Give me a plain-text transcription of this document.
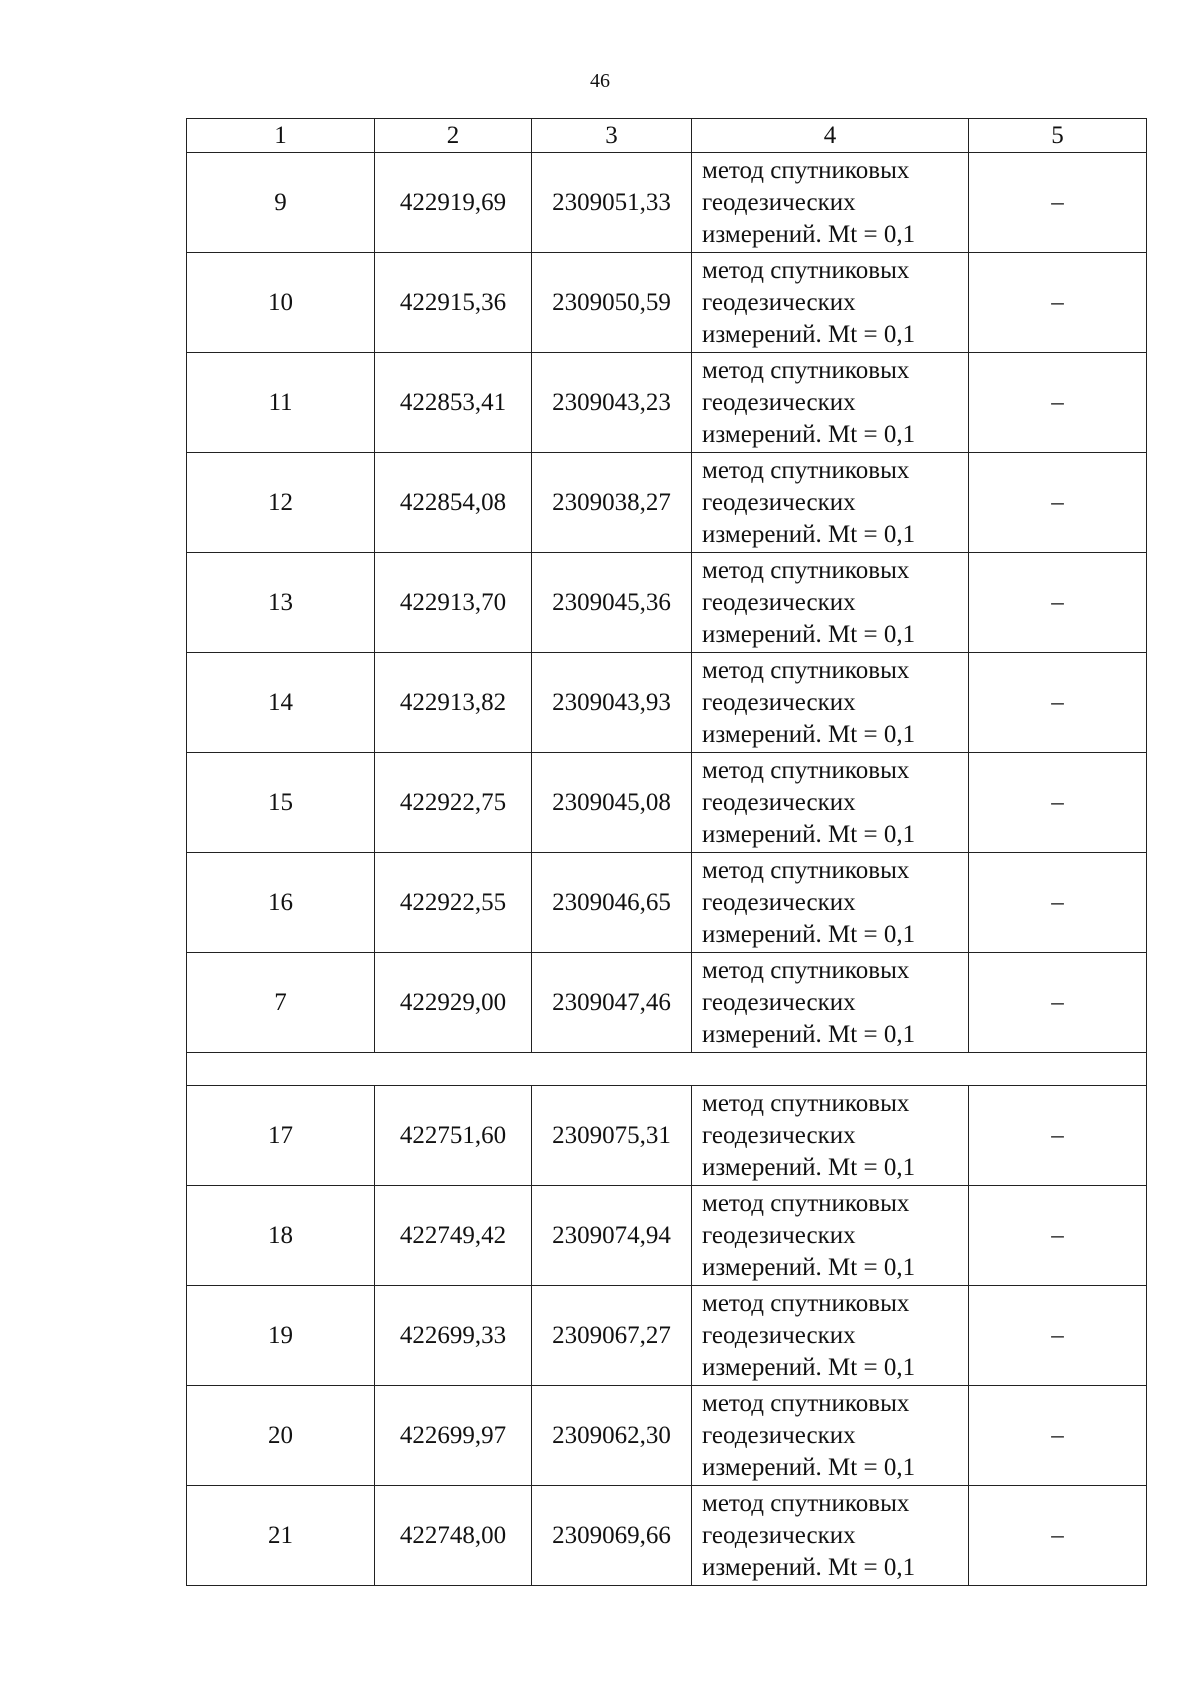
46
1	2	3	4	5
9	422919,69	2309051,33	метод спутниковых геодезических измерений. Mt = 0,1	–
10	422915,36	2309050,59	метод спутниковых геодезических измерений. Mt = 0,1	–
11	422853,41	2309043,23	метод спутниковых геодезических измерений. Mt = 0,1	–
12	422854,08	2309038,27	метод спутниковых геодезических измерений. Mt = 0,1	–
13	422913,70	2309045,36	метод спутниковых геодезических измерений. Mt = 0,1	–
14	422913,82	2309043,93	метод спутниковых геодезических измерений. Mt = 0,1	–
15	422922,75	2309045,08	метод спутниковых геодезических измерений. Mt = 0,1	–
16	422922,55	2309046,65	метод спутниковых геодезических измерений. Mt = 0,1	–
7	422929,00	2309047,46	метод спутниковых геодезических измерений. Mt = 0,1	–

17	422751,60	2309075,31	метод спутниковых геодезических измерений. Mt = 0,1	–
18	422749,42	2309074,94	метод спутниковых геодезических измерений. Mt = 0,1	–
19	422699,33	2309067,27	метод спутниковых геодезических измерений. Mt = 0,1	–
20	422699,97	2309062,30	метод спутниковых геодезических измерений. Mt = 0,1	–
21	422748,00	2309069,66	метод спутниковых геодезических измерений. Mt = 0,1	–
